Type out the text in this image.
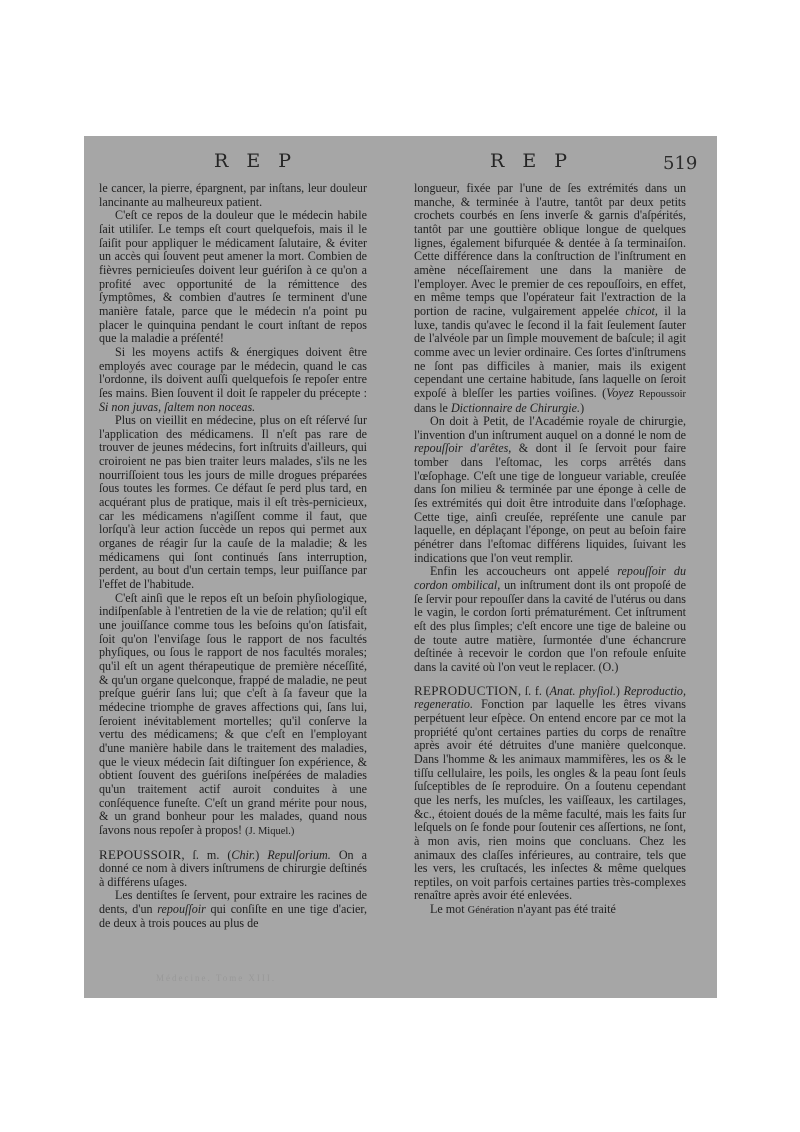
R E P	R E P	519

le cancer, la pierre, épargnent, par inſtans, leur douleur lancinante au malheureux patient.

C'eſt ce repos de la douleur que le médecin habile ſait utiliſer. Le temps eſt court quelquefois, mais il le ſaiſit pour appliquer le médicament ſalutaire, & éviter un accès qui ſouvent peut amener la mort. Combien de fièvres pernicieuſes doivent leur guériſon à ce qu'on a profité avec opportunité de la rémittence des ſymptômes, & combien d'autres ſe terminent d'une manière fatale, parce que le médecin n'a point pu placer le quinquina pendant le court inſtant de repos que la maladie a préſenté!

Si les moyens actifs & énergiques doivent être employés avec courage par le médecin, quand le cas l'ordonne, ils doivent auſſi quelquefois ſe repoſer entre ſes mains. Bien ſouvent il doit ſe rappeler du précepte : Si non juvas, ſaltem non noceas.

Plus on vieillit en médecine, plus on eſt réſervé ſur l'application des médicamens. Il n'eſt pas rare de trouver de jeunes médecins, fort inſtruits d'ailleurs, qui croiroient ne pas bien traiter leurs malades, s'ils ne les nourriſſoient tous les jours de mille drogues préparées ſous toutes les formes. Ce défaut ſe perd plus tard, en acquérant plus de pratique, mais il eſt très-pernicieux, car les médicamens n'agiſſent comme il faut, que lorſqu'à leur action ſuccède un repos qui permet aux organes de réagir ſur la cauſe de la maladie; & les médicamens qui ſont continués ſans interruption, perdent, au bout d'un certain temps, leur puiſſance par l'effet de l'habitude.

C'eſt ainſi que le repos eſt un beſoin phyſiologique, indiſpenſable à l'entretien de la vie de relation; qu'il eſt une jouiſſance comme tous les beſoins qu'on ſatisfait, ſoit qu'on l'enviſage ſous le rapport de nos facultés phyſiques, ou ſous le rapport de nos facultés morales; qu'il eſt un agent thérapeutique de première néceſſité, & qu'un organe quelconque, frappé de maladie, ne peut preſque guérir ſans lui; que c'eſt à ſa faveur que la médecine triomphe de graves affections qui, ſans lui, ſeroient inévitablement mortelles; qu'il conſerve la vertu des médicamens; & que c'eſt en l'employant d'une manière habile dans le traitement des maladies, que le vieux médecin ſait diſtinguer ſon expérience, & obtient ſouvent des guériſons ineſpérées de maladies qu'un traitement actif auroit conduites à une conſéquence funeſte. C'eſt un grand mérite pour nous, & un grand bonheur pour les malades, quand nous ſavons nous repoſer à propos! (J. Miquel.)

REPOUSSOIR, ſ. m. (Chir.) Repulſorium. On a donné ce nom à divers inſtrumens de chirurgie deſtinés à différens uſages.

Les dentiſtes ſe ſervent, pour extraire les racines de dents, d'un repouſſoir qui conſiſte en une tige d'acier, de deux à trois pouces au plus de

longueur, fixée par l'une de ſes extrémités dans un manche, & terminée à l'autre, tantôt par deux petits crochets courbés en ſens inverſe & garnis d'aſpérités, tantôt par une gouttière oblique longue de quelques lignes, également bifurquée & dentée à ſa terminaiſon. Cette différence dans la conſtruction de l'inſtrument en amène néceſſairement une dans la manière de l'employer. Avec le premier de ces repouſſoirs, en effet, en même temps que l'opérateur fait l'extraction de la portion de racine, vulgairement appelée chicot, il la luxe, tandis qu'avec le ſecond il la fait ſeulement ſauter de l'alvéole par un ſimple mouvement de baſcule; il agit comme avec un levier ordinaire. Ces ſortes d'inſtrumens ne ſont pas difficiles à manier, mais ils exigent cependant une certaine habitude, ſans laquelle on ſeroit expoſé à bleſſer les parties voiſines. (Voyez Repoussoir dans le Dictionnaire de Chirurgie.)

On doit à Petit, de l'Académie royale de chirurgie, l'invention d'un inſtrument auquel on a donné le nom de repouſſoir d'arêtes, & dont il ſe ſervoit pour faire tomber dans l'eſtomac, les corps arrêtés dans l'œſophage. C'eſt une tige de longueur variable, creuſée dans ſon milieu & terminée par une éponge à celle de ſes extrémités qui doit être introduite dans l'œſophage. Cette tige, ainſi creuſée, repréſente une canule par laquelle, en déplaçant l'éponge, on peut au beſoin faire pénétrer dans l'eſtomac différens liquides, ſuivant les indications que l'on veut remplir.

Enfin les accoucheurs ont appelé repouſſoir du cordon ombilical, un inſtrument dont ils ont propoſé de ſe ſervir pour repouſſer dans la cavité de l'utérus ou dans le vagin, le cordon ſorti prématurément. Cet inſtrument eſt des plus ſimples; c'eſt encore une tige de baleine ou de toute autre matière, ſurmontée d'une échancrure deſtinée à recevoir le cordon que l'on refoule enſuite dans la cavité où l'on veut le replacer. (O.)

REPRODUCTION, ſ. f. (Anat. phyſiol.) Reproductio, regeneratio. Fonction par laquelle les êtres vivans perpétuent leur eſpèce. On entend encore par ce mot la propriété qu'ont certaines parties du corps de renaître après avoir été détruites d'une manière quelconque. Dans l'homme & les animaux mammifères, les os & le tiſſu cellulaire, les poils, les ongles & la peau ſont ſeuls ſuſceptibles de ſe reproduire. On a ſoutenu cependant que les nerfs, les muſcles, les vaiſſeaux, les cartilages, &c., étoient doués de la même faculté, mais les faits ſur leſquels on ſe fonde pour ſoutenir ces aſſertions, ne ſont, à mon avis, rien moins que concluans. Chez les animaux des claſſes inférieures, au contraire, tels que les vers, les cruſtacés, les inſectes & même quelques reptiles, on voit parfois certaines parties très-complexes renaître après avoir été enlevées.

Le mot Génération n'ayant pas été traité

Médecine. Tome XIII.
